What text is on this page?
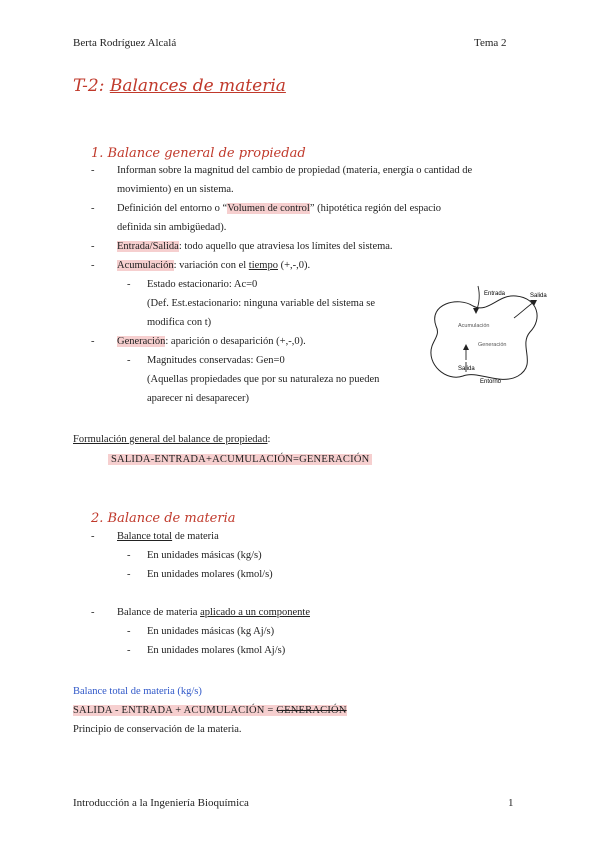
Berta Rodríguez Alcalá	Tema 2
T-2: Balances de materia
1. Balance general de propiedad
- Informan sobre la magnitud del cambio de propiedad (materia, energía o cantidad de
movimiento) en un sistema.
- Definición del entorno o “Volumen de control” (hipotética región del espacio
definida sin ambigüedad).
- Entrada/Salida: todo aquello que atraviesa los límites del sistema.
- Acumulación: variación con el tiempo (+,-,0).
- Estado estacionario: Ac=0
(Def. Est.estacionario: ninguna variable del sistema se
modifica con t)
- Generación: aparición o desaparición (+,-,0).
- Magnitudes conservadas: Gen=0
(Aquellas propiedades que por su naturaleza no pueden
aparecer ni desaparecer)
Entrada	Salida
Acumulación
Generación
Salida
Entorno
Formulación general del balance de propiedad:
SALIDA-ENTRADA+ACUMULACIÓN=GENERACIÓN
2. Balance de materia
- Balance total de materia
- En unidades másicas (kg/s)
- En unidades molares (kmol/s)
- Balance de materia aplicado a un componente
- En unidades másicas (kg Aj/s)
- En unidades molares (kmol Aj/s)
Balance total de materia (kg/s)
SALIDA - ENTRADA + ACUMULACIÓN = GENERACIÓN
Principio de conservación de la materia.
Introducción a la Ingeniería Bioquímica	1
